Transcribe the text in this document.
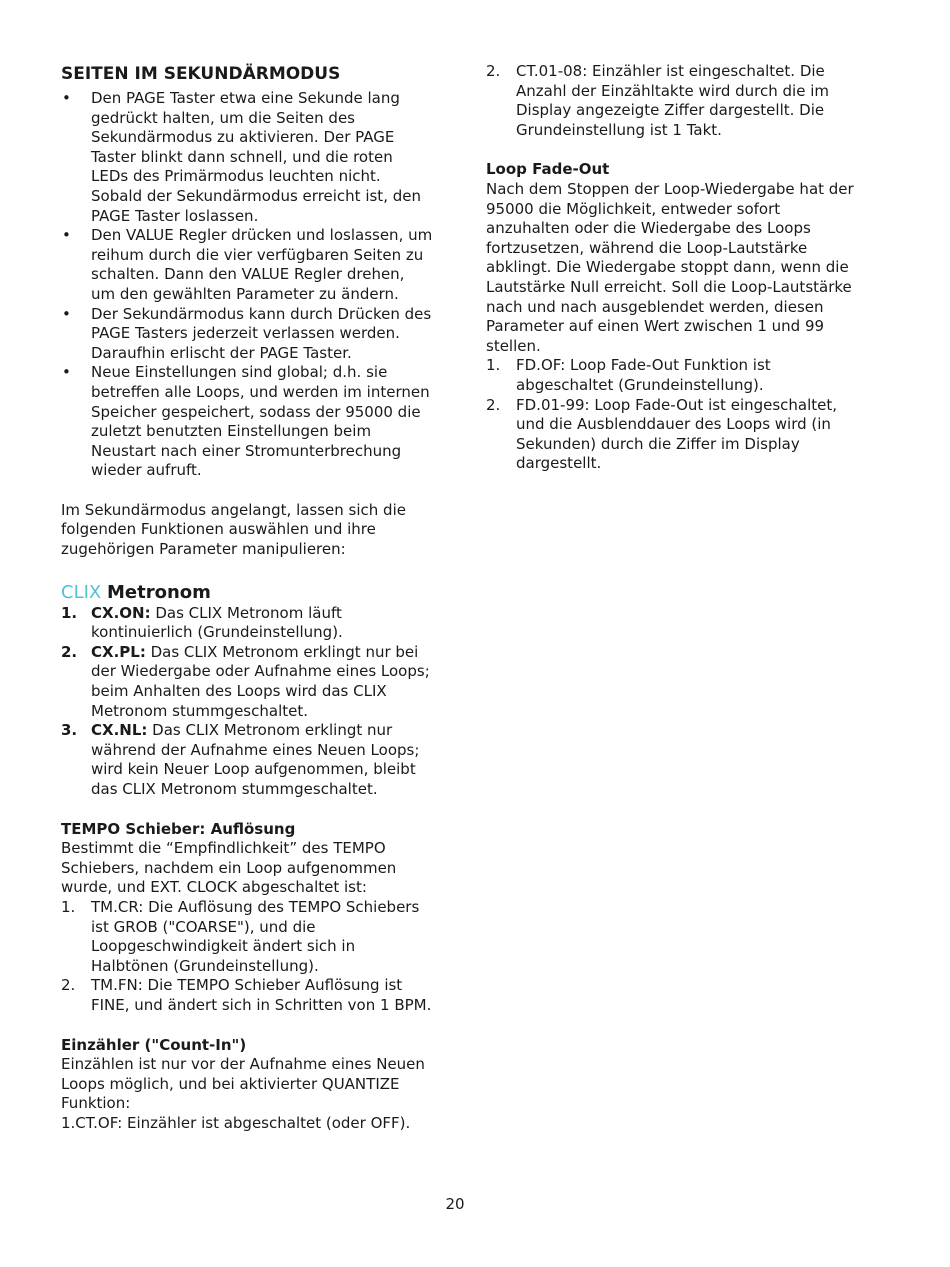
SEITEN IM SEKUNDÄRMODUS

• Den PAGE Taster etwa eine Sekunde lang gedrückt halten, um die Seiten des Sekundärmodus zu aktivieren. Der PAGE Taster blinkt dann schnell, und die roten LEDs des Primärmodus leuchten nicht. Sobald der Sekundärmodus erreicht ist, den PAGE Taster loslassen.
• Den VALUE Regler drücken und loslassen, um reihum durch die vier verfügbaren Seiten zu schalten. Dann den VALUE Regler drehen, um den gewählten Parameter zu ändern.
• Der Sekundärmodus kann durch Drücken des PAGE Tasters jederzeit verlassen werden. Daraufhin erlischt der PAGE Taster.
• Neue Einstellungen sind global; d.h. sie betreffen alle Loops, und werden im internen Speicher gespeichert, sodass der 95000 die zuletzt benutzten Einstellungen beim Neustart nach einer Stromunterbrechung wieder aufruft.

Im Sekundärmodus angelangt, lassen sich die folgenden Funktionen auswählen und ihre zugehörigen Parameter manipulieren:

CLIX Metronom

1. CX.ON: Das CLIX Metronom läuft kontinuierlich (Grundeinstellung).
2. CX.PL: Das CLIX Metronom erklingt nur bei der Wiedergabe oder Aufnahme eines Loops; beim Anhalten des Loops wird das CLIX Metronom stummgeschaltet.
3. CX.NL: Das CLIX Metronom erklingt nur während der Aufnahme eines Neuen Loops; wird kein Neuer Loop aufgenommen, bleibt das CLIX Metronom stummgeschaltet.

TEMPO Schieber: Auflösung

Bestimmt die “Empfindlichkeit” des TEMPO Schiebers, nachdem ein Loop aufgenommen wurde, und EXT. CLOCK abgeschaltet ist:

1. TM.CR: Die Auflösung des TEMPO Schiebers ist GROB ("COARSE"), und die Loopgeschwindigkeit ändert sich in Halbtönen (Grundeinstellung).
2. TM.FN: Die TEMPO Schieber Auflösung ist FINE, und ändert sich in Schritten von 1 BPM.

Einzähler ("Count-In")

Einzählen ist nur vor der Aufnahme eines Neuen Loops möglich, und bei aktivierter QUANTIZE Funktion:

1.CT.OF: Einzähler ist abgeschaltet (oder OFF).

2. CT.01-08: Einzähler ist eingeschaltet. Die Anzahl der Einzähltakte wird durch die im Display angezeigte Ziffer dargestellt. Die Grundeinstellung ist 1 Takt.

Loop Fade-Out

Nach dem Stoppen der Loop-Wiedergabe hat der 95000 die Möglichkeit, entweder sofort anzuhalten oder die Wiedergabe des Loops fortzusetzen, während die Loop-Lautstärke abklingt. Die Wiedergabe stoppt dann, wenn die Lautstärke Null erreicht. Soll die Loop-Lautstärke nach und nach ausgeblendet werden, diesen Parameter auf einen Wert zwischen 1 und 99 stellen.

1. FD.OF: Loop Fade-Out Funktion ist abgeschaltet (Grundeinstellung).
2. FD.01-99: Loop Fade-Out ist eingeschaltet, und die Ausblenddauer des Loops wird (in Sekunden) durch die Ziffer im Display dargestellt.
20
